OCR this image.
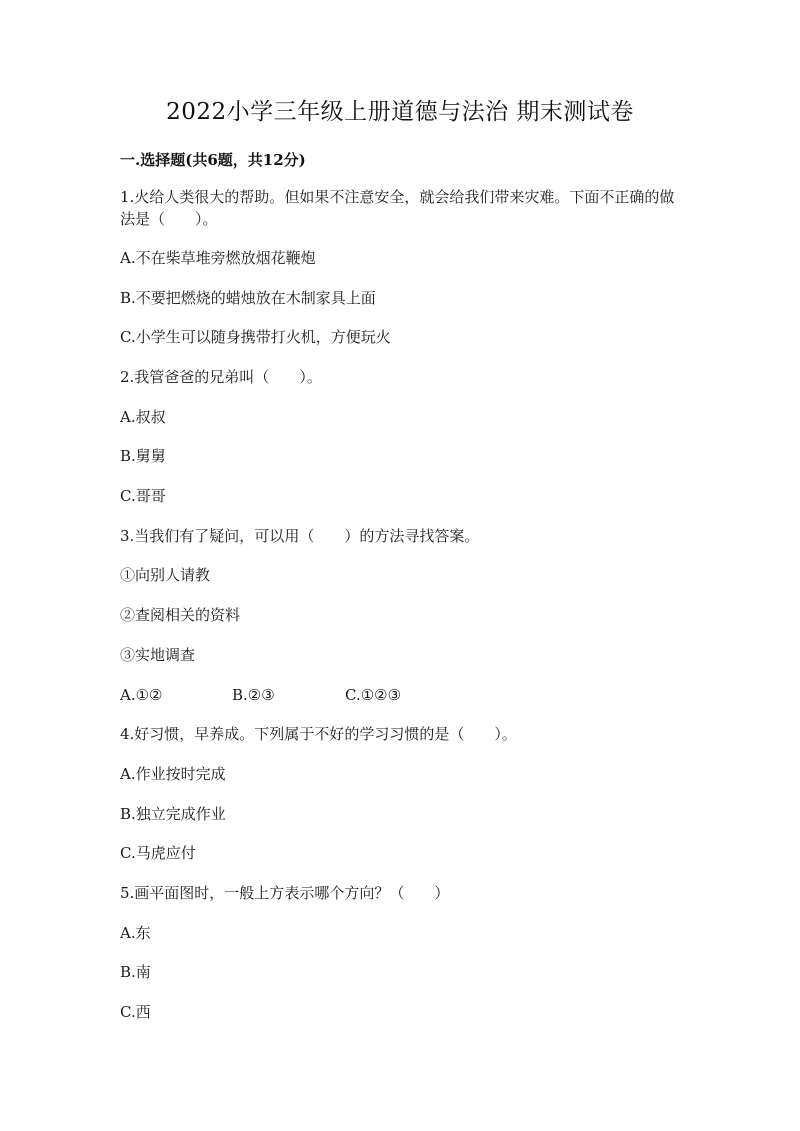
2022小学三年级上册道德与法治 期末测试卷
一.选择题(共6题，共12分)
1.火给人类很大的帮助。但如果不注意安全，就会给我们带来灾难。下面不正确的做法是（　　）。
A.不在柴草堆旁燃放烟花鞭炮
B.不要把燃烧的蜡烛放在木制家具上面
C.小学生可以随身携带打火机，方便玩火
2.我管爸爸的兄弟叫（　　）。
A.叔叔
B.舅舅
C.哥哥
3.当我们有了疑问，可以用（　　）的方法寻找答案。
①向别人请教
②查阅相关的资料
③实地调查
A.①②	B.②③	C.①②③
4.好习惯，早养成。下列属于不好的学习习惯的是（　　）。
A.作业按时完成
B.独立完成作业
C.马虎应付
5.画平面图时，一般上方表示哪个方向？（　　）
A.东
B.南
C.西
